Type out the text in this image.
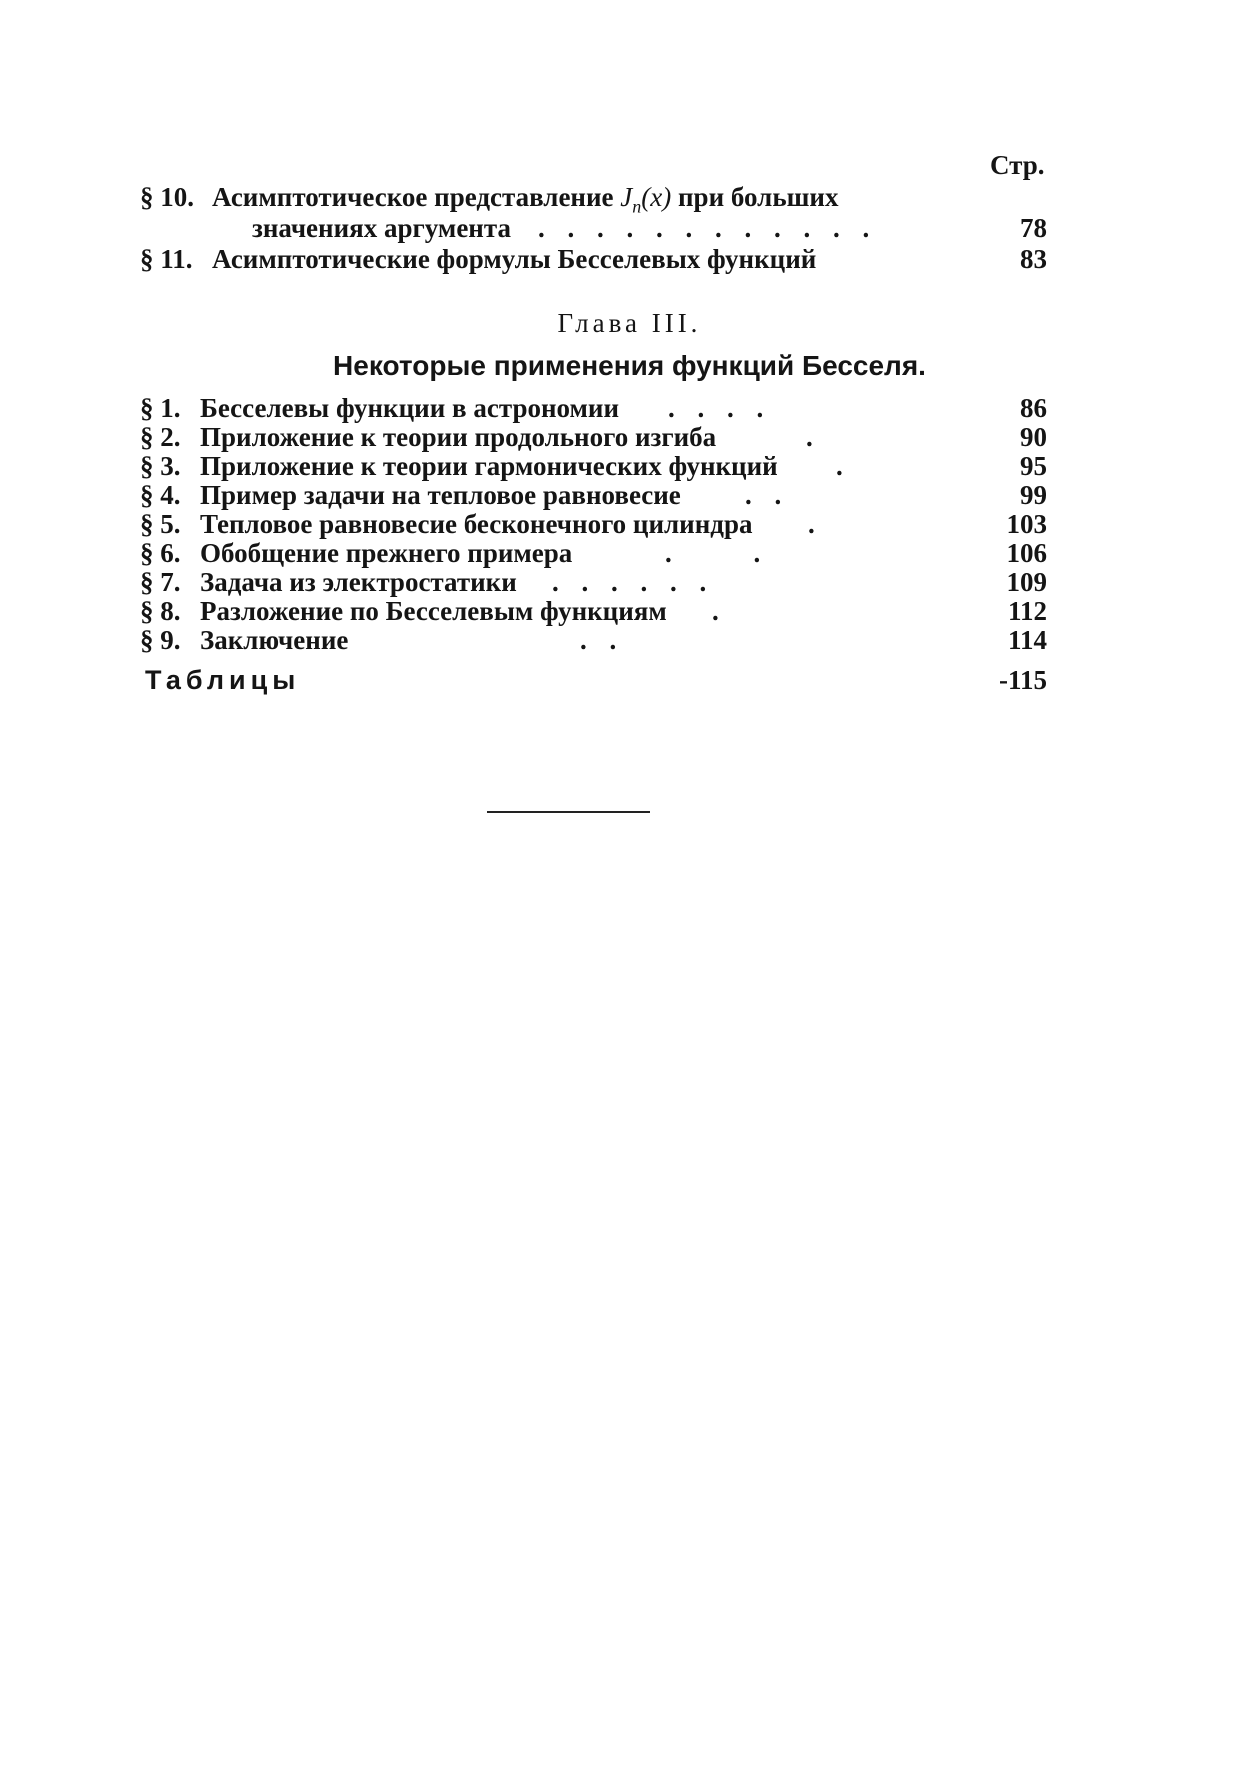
Стр.
§ 10. Асимптотическое представление $J_n(x)$ при больших
значениях аргумента . . . . . . . . . . . .	78
§ 11. Асимптотические формулы Бесселевых функций	83
Глава III.
Некоторые применения функций Бесселя.
§ 1. Бесселевы функции в астрономии . . . .	86
§ 2. Приложение к теории продольного изгиба	.	90
§ 3. Приложение к теории гармонических функций .	95
§ 4. Пример задачи на тепловое равновесие . .	99
§ 5. Тепловое равновесие бесконечного цилиндра .	103
§ 6. Обобщение прежнего примера	.     .	106
§ 7. Задача из электростатики . . . . . .	109
§ 8. Разложение по Бесселевым функциям .	112
§ 9. Заключение	. .	114
Таблицы	-115
